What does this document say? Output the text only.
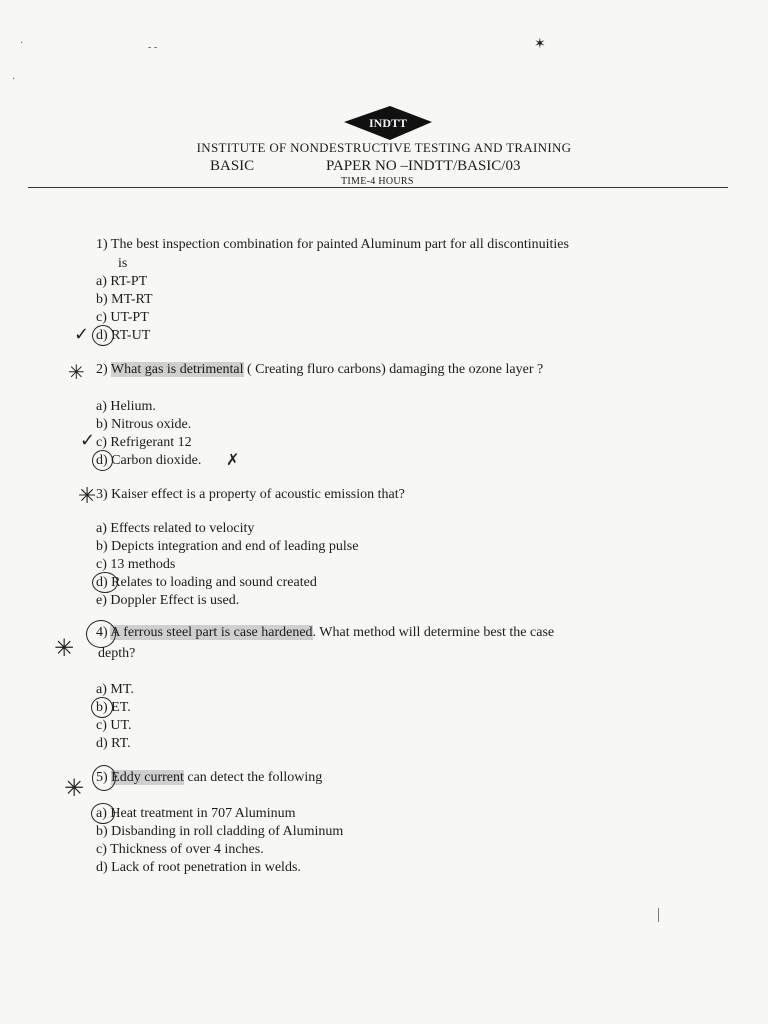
·	- -
·
✶
INDTT
INSTITUTE OF NONDESTRUCTIVE TESTING AND TRAINING
BASIC	PAPER NO –INDTT/BASIC/03
TIME-4 HOURS
1) The best inspection combination for painted Aluminum part for all discontinuities
is
a) RT-PT
b) MT-RT
c) UT-PT
d) RT-UT
✓
✳ 2) What gas is detrimental ( Creating fluro carbons) damaging the ozone layer ?
a) Helium.
b) Nitrous oxide.
c) Refrigerant 12
d) Carbon dioxide.
✓
✗
✳ 3) Kaiser effect is a property of acoustic emission that?
a) Effects related to velocity
b) Depicts integration and end of leading pulse
c) 13 methods
d) Relates to loading and sound created
e) Doppler Effect is used.
✳
4) A ferrous steel part is case hardened. What method will determine best the case
depth?
a) MT.
b) ET.
c) UT.
d) RT.
✳ 5) Eddy current can detect the following
a) Heat treatment in 707 Aluminum
b) Disbanding in roll cladding of Aluminum
c) Thickness of over 4 inches.
d) Lack of root penetration in welds.
